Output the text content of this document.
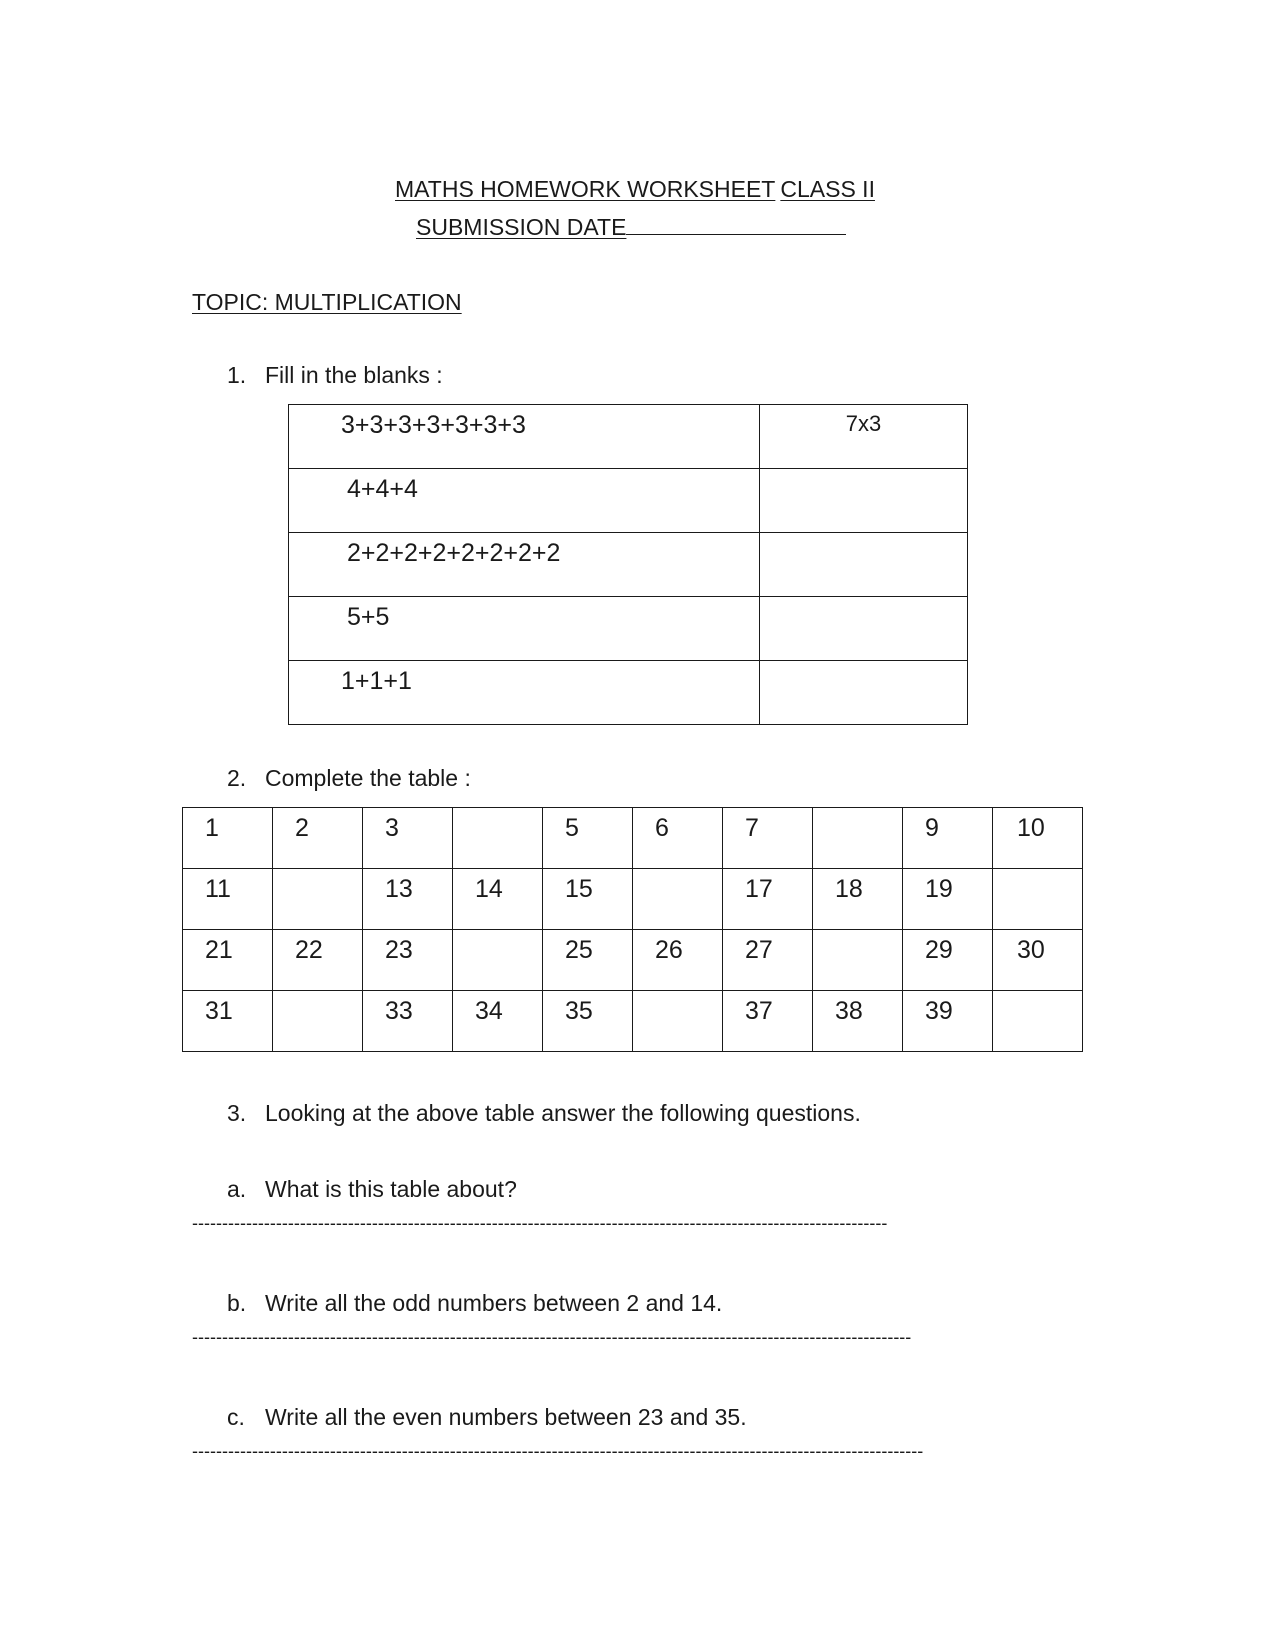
MATHS HOMEWORK WORKSHEET CLASS II
SUBMISSION DATE
TOPIC: MULTIPLICATION
1. Fill in the blanks :
3+3+3+3+3+3+3	7x3

4+4+4	

2+2+2+2+2+2+2+2	

5+5	

1+1+1	

2. Complete the table :
1	2	3		5	6	7		9	10

11		13	14	15		17	18	19	

21	22	23		25	26	27		29	30

31		33	34	35		37	38	39	

3. Looking at the above table answer the following questions.
a. What is this table about?
--------------------------------------------------------------------------------------------------------------------
b. Write all the odd numbers between 2 and 14.
------------------------------------------------------------------------------------------------------------------------
c. Write all the even numbers between 23 and 35.
--------------------------------------------------------------------------------------------------------------------------
